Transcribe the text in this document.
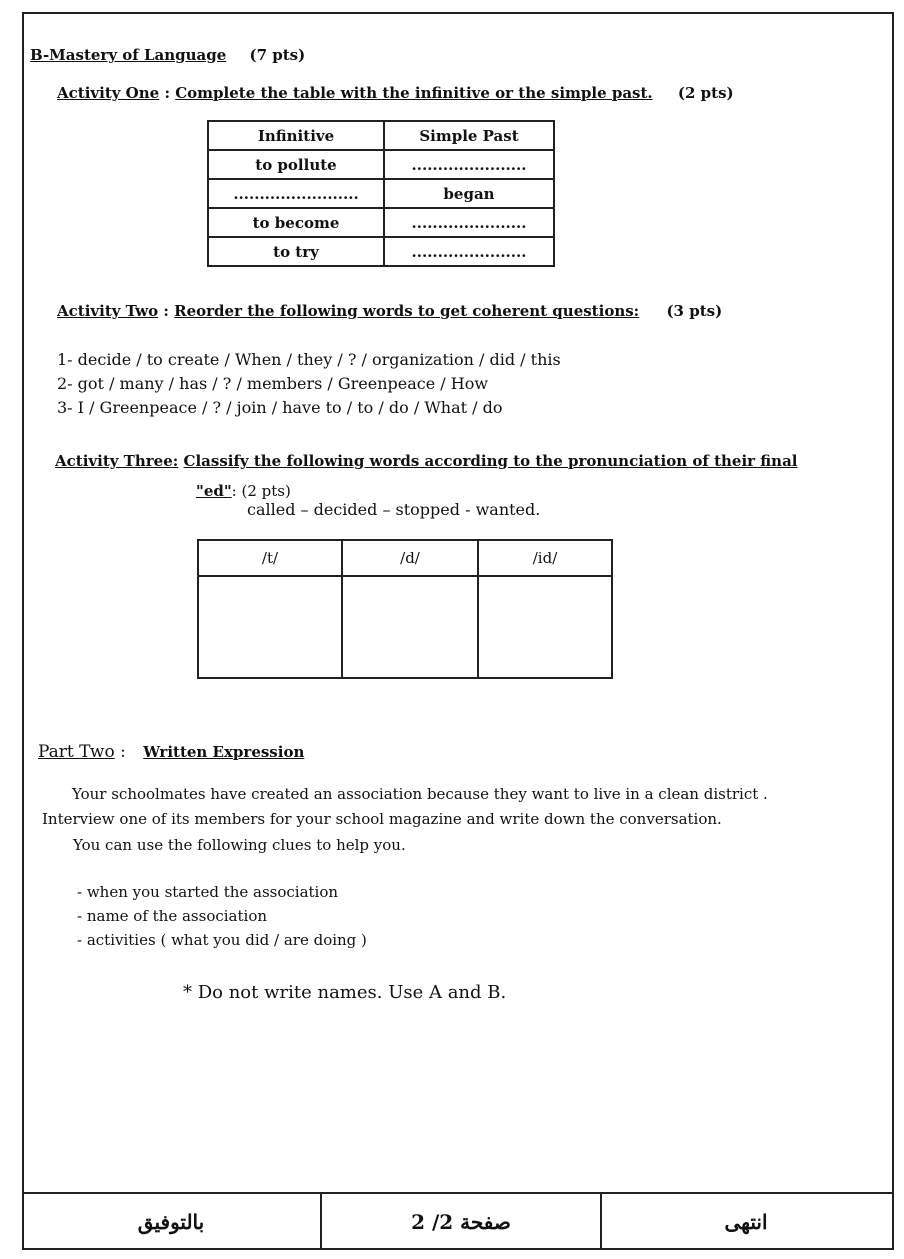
B-Mastery of Language (7 pts)
Activity One : Complete the table with the infinitive or the simple past. (2 pts)
Infinitive	Simple Past
to pollute	......................
........................	began
to become	......................
to try	......................
Activity Two : Reorder the following words to get coherent questions: (3 pts)
1- decide / to create / When / they / ? / organization / did / this
2- got / many / has / ? / members / Greenpeace / How
3- I / Greenpeace / ? / join / have to / to / do / What / do
Activity Three: Classify the following words according to the pronunciation of their final
"ed": (2 pts)
called – decided – stopped - wanted.
/t/	/d/	/id/

Part Two : Written Expression
Your schoolmates have created an association because they want to live in a clean district .
Interview one of its members for your school magazine and write down the conversation.
You can use the following clues to help you.
- when you started the association
- name of the association
- activities ( what you did / are doing )
* Do not write names. Use A and B.
بالتوفيق	صفحة 2/ 2	انتهى
